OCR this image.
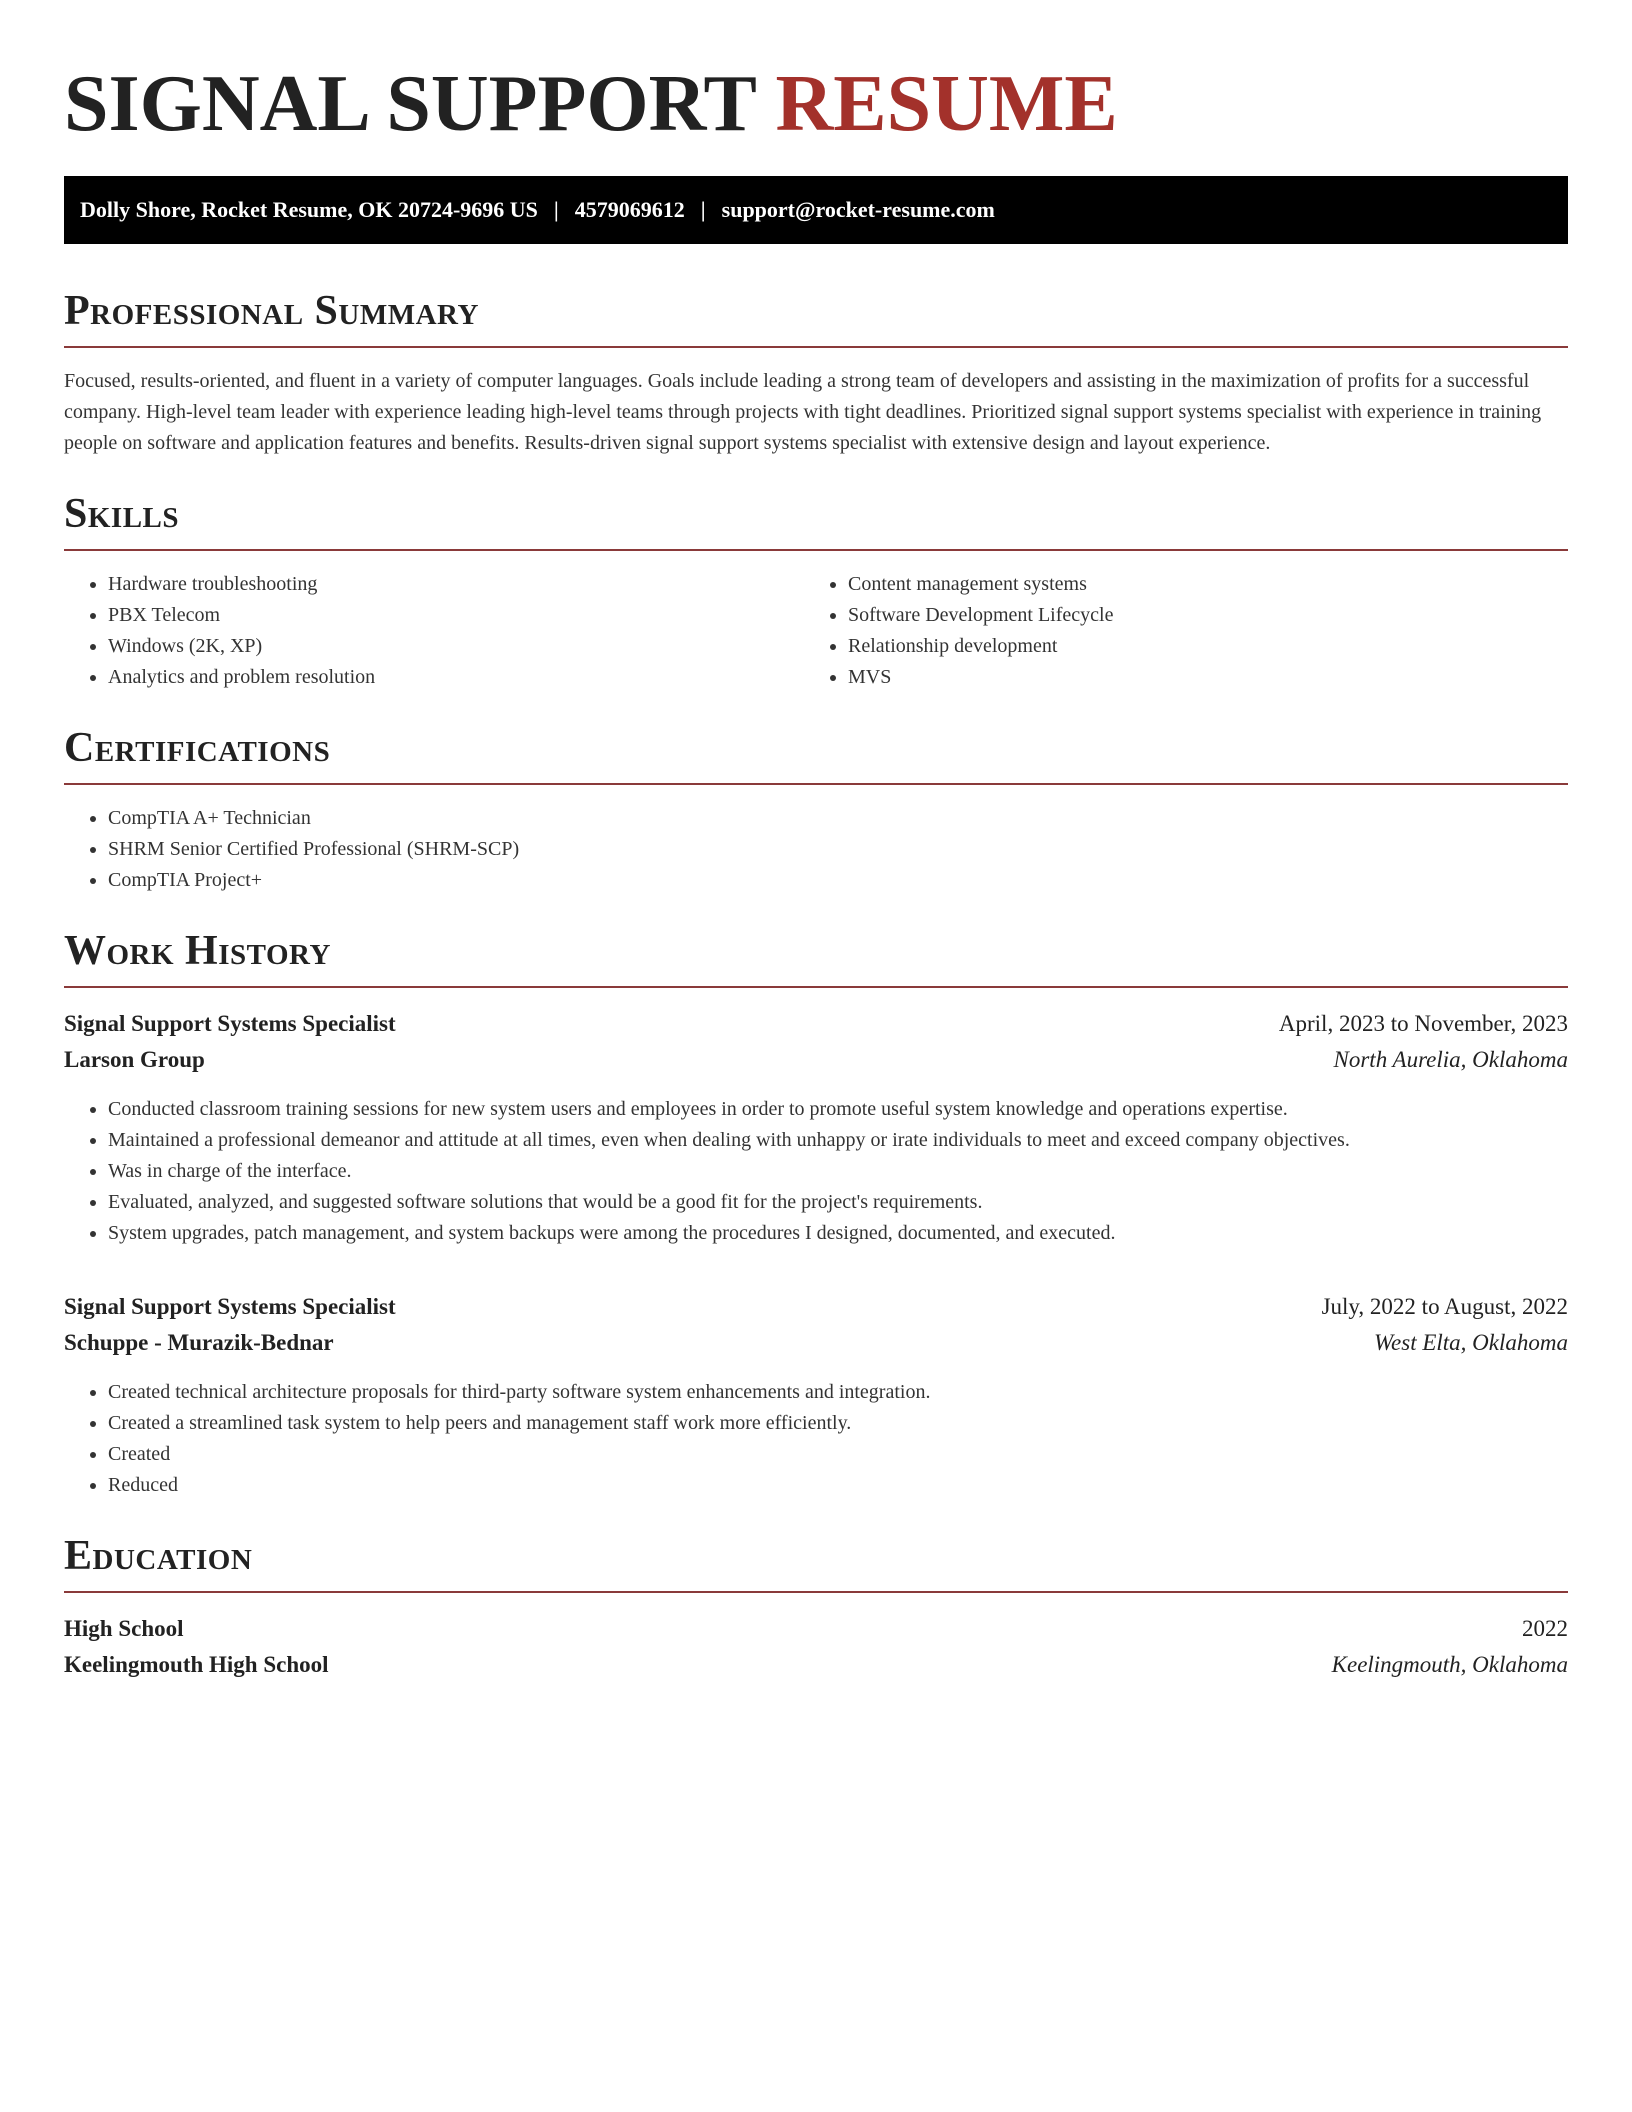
SIGNAL SUPPORT RESUME
Dolly Shore, Rocket Resume, OK 20724-9696 US | 4579069612 | support@rocket-resume.com
Professional Summary

Focused, results-oriented, and fluent in a variety of computer languages. Goals include leading a strong team of developers and assisting in the maximization of profits for a successful company. High-level team leader with experience leading high-level teams through projects with tight deadlines. Prioritized signal support systems specialist with experience in training people on software and application features and benefits. Results-driven signal support systems specialist with extensive design and layout experience.

Skills
• Hardware troubleshooting
• PBX Telecom
• Windows (2K, XP)
• Analytics and problem resolution
• Content management systems
• Software Development Lifecycle
• Relationship development
• MVS
Certifications
• CompTIA A+ Technician
• SHRM Senior Certified Professional (SHRM-SCP)
• CompTIA Project+
Work History
Signal Support Systems Specialist	April, 2023 to November, 2023
Larson Group	North Aurelia, Oklahoma
• Conducted classroom training sessions for new system users and employees in order to promote useful system knowledge and operations expertise.
• Maintained a professional demeanor and attitude at all times, even when dealing with unhappy or irate individuals to meet and exceed company objectives.
• Was in charge of the interface.
• Evaluated, analyzed, and suggested software solutions that would be a good fit for the project's requirements.
• System upgrades, patch management, and system backups were among the procedures I designed, documented, and executed.
Signal Support Systems Specialist	July, 2022 to August, 2022
Schuppe - Murazik-Bednar	West Elta, Oklahoma
• Created technical architecture proposals for third-party software system enhancements and integration.
• Created a streamlined task system to help peers and management staff work more efficiently.
• Created
• Reduced
Education
High School	2022
Keelingmouth High School	Keelingmouth, Oklahoma
